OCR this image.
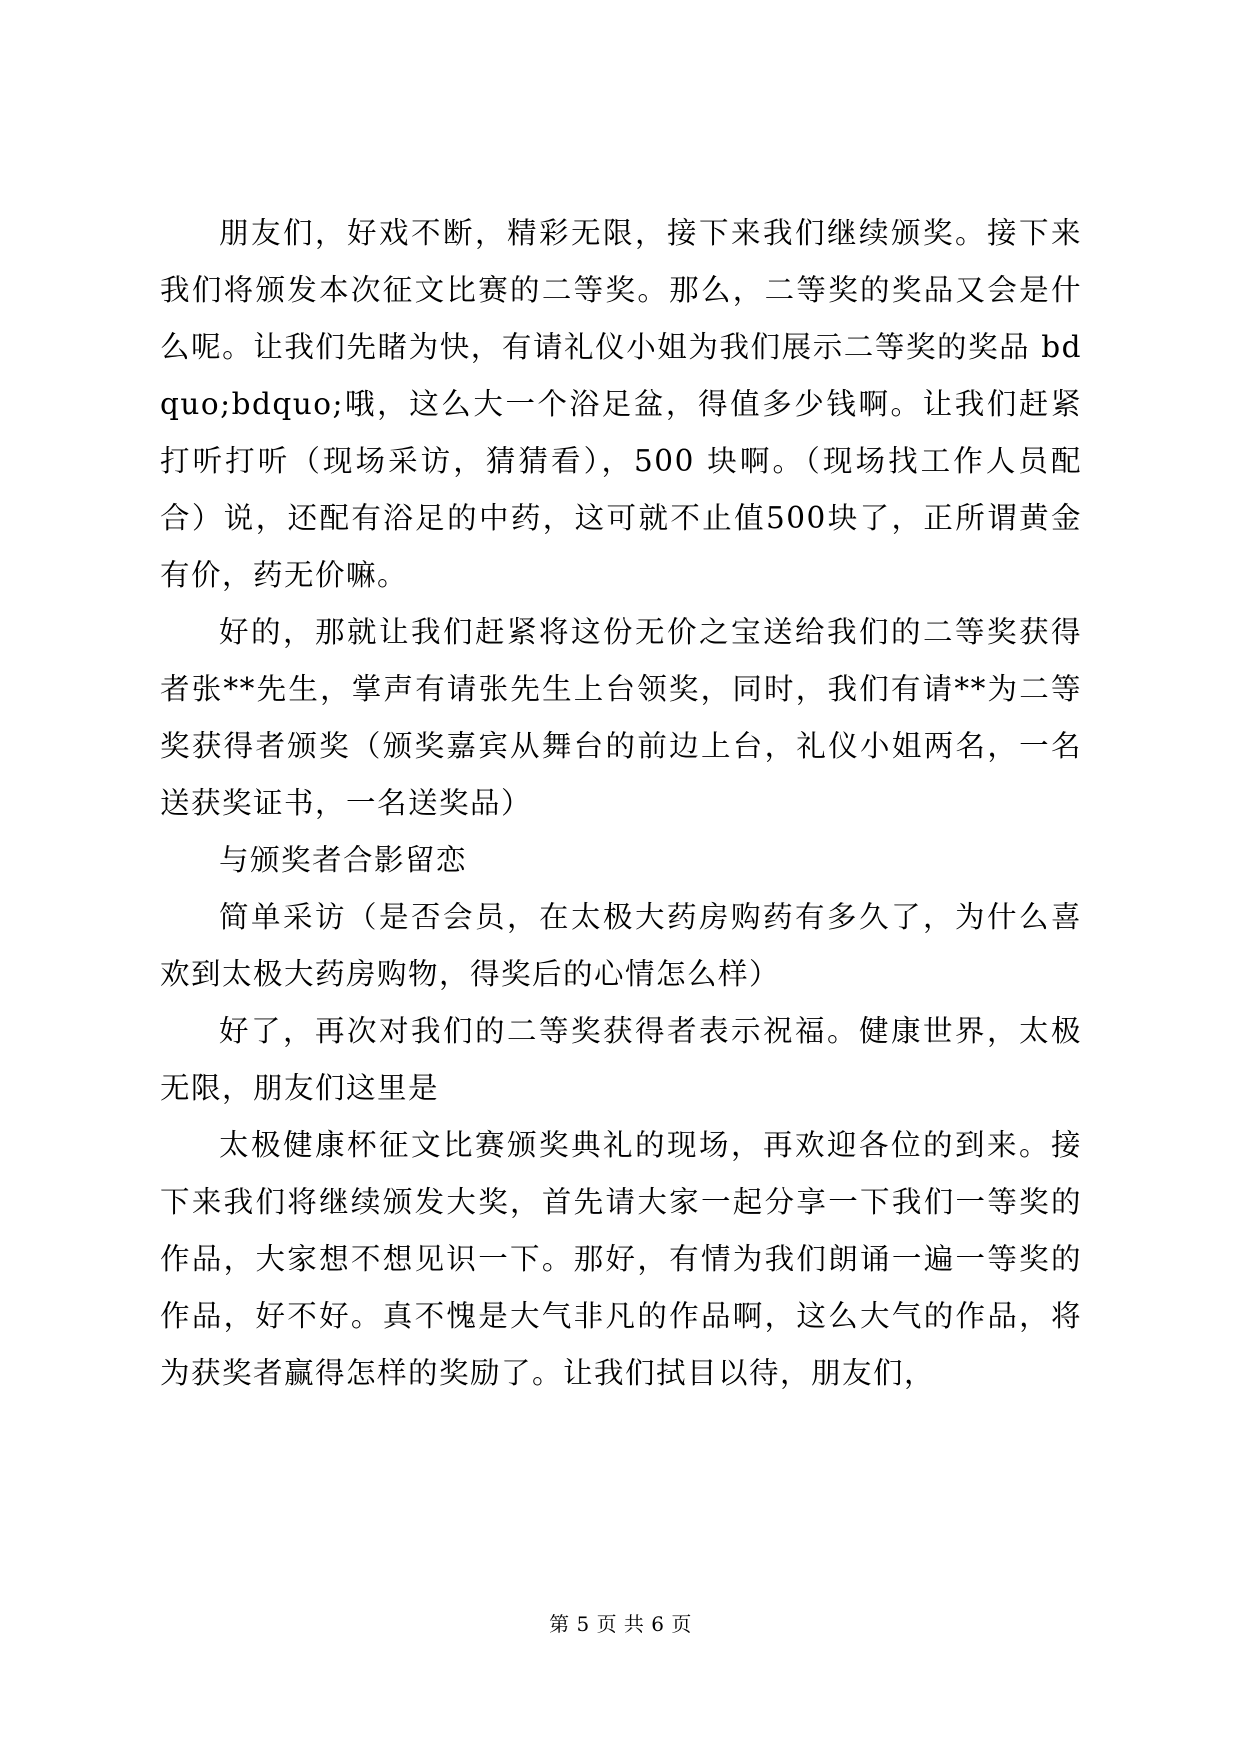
朋友们，好戏不断，精彩无限，接下来我们继续颁奖。接下来我们将颁发本次征文比赛的二等奖。那么，二等奖的奖品又会是什么呢。让我们先睹为快，有请礼仪小姐为我们展示二等奖的奖品 bdquo;bdquo;哦，这么大一个浴足盆，得值多少钱啊。让我们赶紧打听打听（现场采访，猜猜看），500 块啊。（现场找工作人员配合）说，还配有浴足的中药，这可就不止值500块了，正所谓黄金有价，药无价嘛。

好的，那就让我们赶紧将这份无价之宝送给我们的二等奖获得者张**先生，掌声有请张先生上台领奖，同时，我们有请**为二等奖获得者颁奖（颁奖嘉宾从舞台的前边上台，礼仪小姐两名，一名送获奖证书，一名送奖品）

与颁奖者合影留恋

简单采访（是否会员，在太极大药房购药有多久了，为什么喜欢到太极大药房购物，得奖后的心情怎么样）

好了，再次对我们的二等奖获得者表示祝福。健康世界，太极无限，朋友们这里是

太极健康杯征文比赛颁奖典礼的现场，再欢迎各位的到来。接下来我们将继续颁发大奖，首先请大家一起分享一下我们一等奖的作品，大家想不想见识一下。那好，有情为我们朗诵一遍一等奖的作品，好不好。真不愧是大气非凡的作品啊，这么大气的作品，将为获奖者赢得怎样的奖励了。让我们拭目以待，朋友们，

第 5 页 共 6 页
